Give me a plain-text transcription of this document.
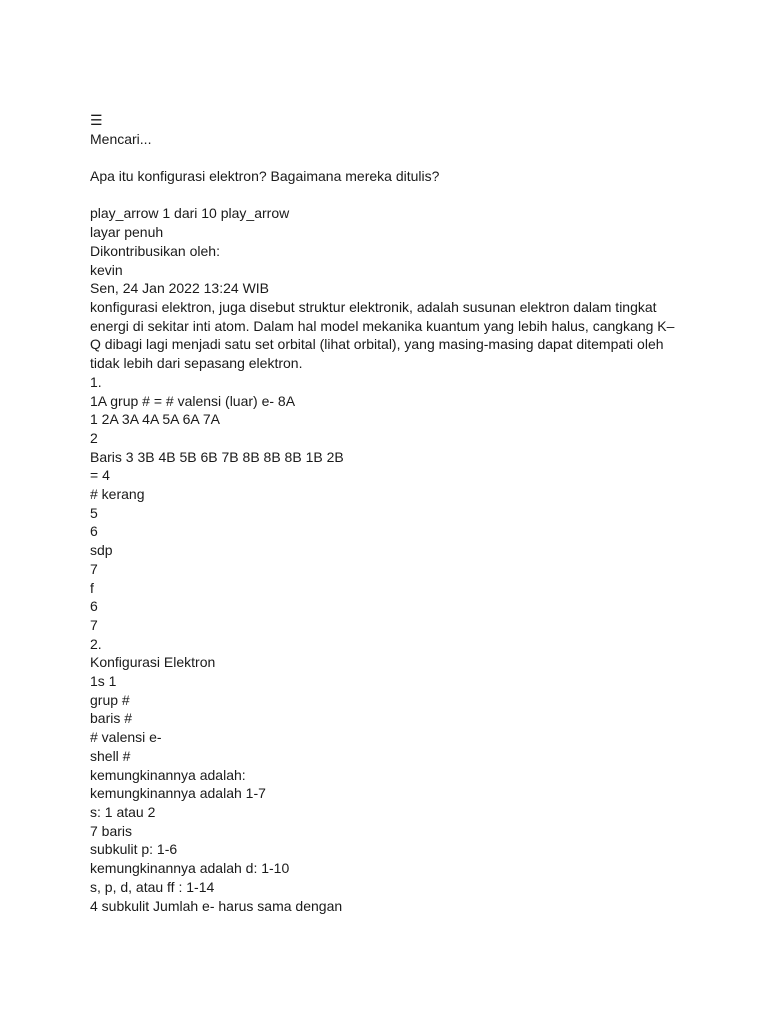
☰
Mencari...
Apa itu konfigurasi elektron? Bagaimana mereka ditulis?
play_arrow 1 dari 10 play_arrow
layar penuh
Dikontribusikan oleh:
kevin
Sen, 24 Jan 2022 13:24 WIB
konfigurasi elektron, juga disebut struktur elektronik, adalah susunan elektron dalam tingkat energi di sekitar inti atom. Dalam hal model mekanika kuantum yang lebih halus, cangkang K–Q dibagi lagi menjadi satu set orbital (lihat orbital), yang masing-masing dapat ditempati oleh tidak lebih dari sepasang elektron.
1.
1A grup # = # valensi (luar) e- 8A
1 2A 3A 4A 5A 6A 7A
2
Baris 3 3B 4B 5B 6B 7B 8B 8B 8B 1B 2B
= 4
# kerang
5
6
sdp
7
f
6
7
2.
Konfigurasi Elektron
1s 1
grup #
baris #
# valensi e-
shell #
kemungkinannya adalah:
kemungkinannya adalah 1-7
s: 1 atau 2
7 baris
subkulit p: 1-6
kemungkinannya adalah d: 1-10
s, p, d, atau ff : 1-14
4 subkulit Jumlah e- harus sama dengan
